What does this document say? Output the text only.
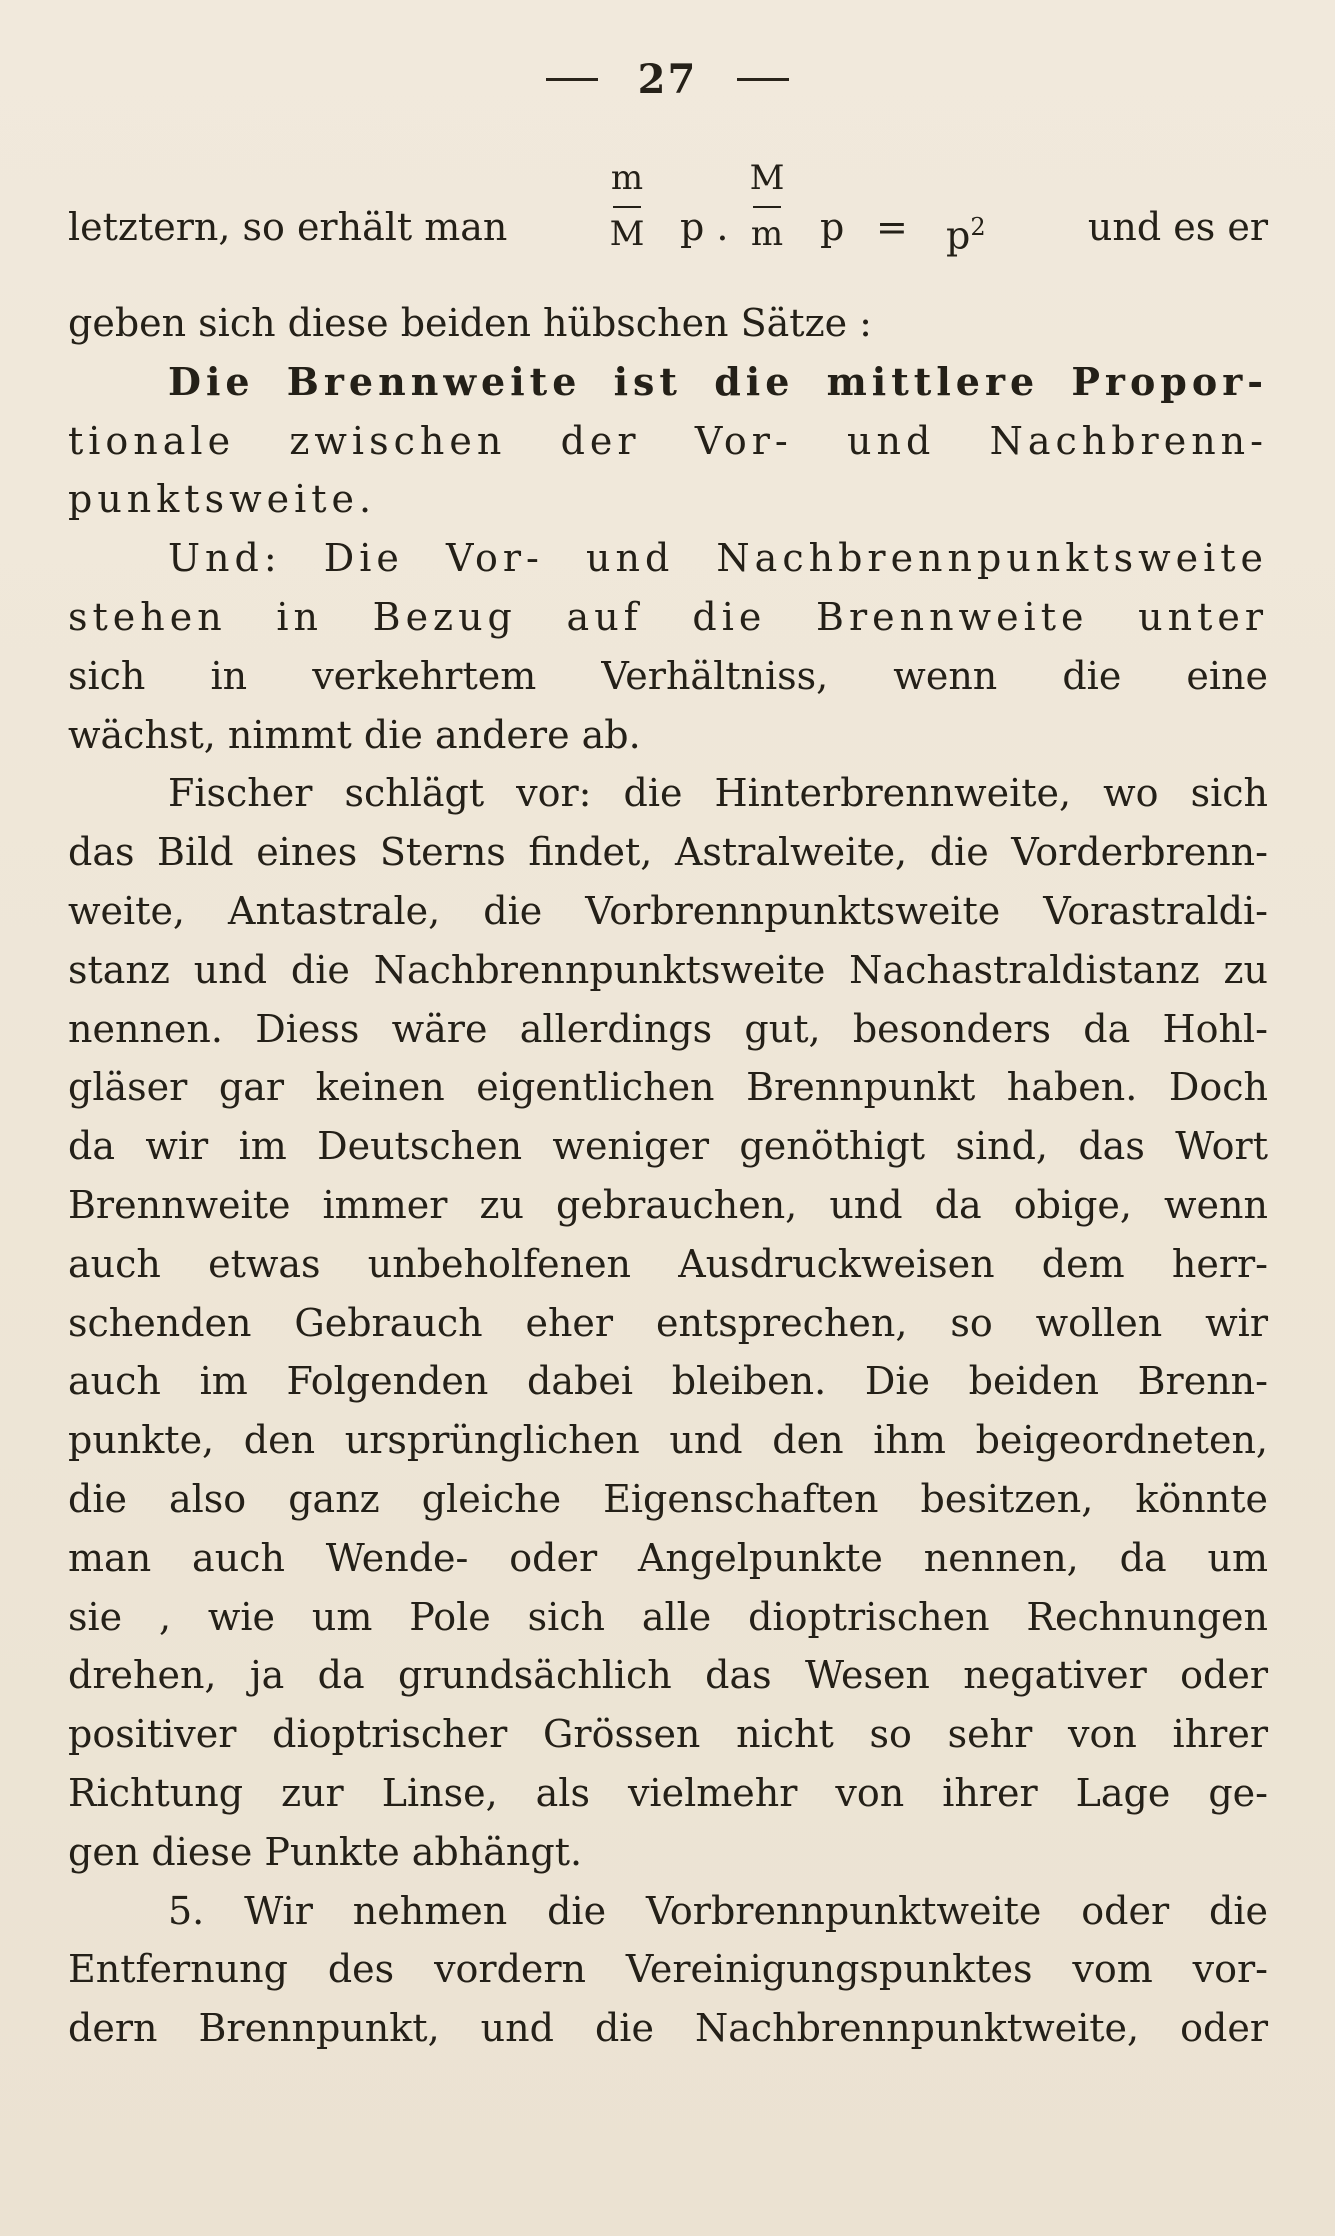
27
letztern, so erhält man
m
M p .
M
m $p = p^2$	und es er
geben sich diese beiden hübschen Sätze :
Die Brennweite ist die mittlere Propor-
tionale zwischen der Vor- und Nachbrenn-
punktsweite.
Und: Die Vor- und Nachbrennpunktsweite
stehen in Bezug auf die Brennweite unter
sich in verkehrtem Verhältniss, wenn die eine
wächst, nimmt die andere ab.
Fischer schlägt vor: die Hinterbrennweite, wo sich
das Bild eines Sterns findet, Astralweite, die Vorderbrenn-
weite, Antastrale, die Vorbrennpunktsweite Vorastraldi-
stanz und die Nachbrennpunktsweite Nachastraldistanz zu
nennen. Diess wäre allerdings gut, besonders da Hohl-
gläser gar keinen eigentlichen Brennpunkt haben. Doch
da wir im Deutschen weniger genöthigt sind, das Wort
Brennweite immer zu gebrauchen, und da obige, wenn
auch etwas unbeholfenen Ausdruckweisen dem herr-
schenden Gebrauch eher entsprechen, so wollen wir
auch im Folgenden dabei bleiben. Die beiden Brenn-
punkte, den ursprünglichen und den ihm beigeordneten,
die also ganz gleiche Eigenschaften besitzen, könnte
man auch Wende- oder Angelpunkte nennen, da um
sie , wie um Pole sich alle dioptrischen Rechnungen
drehen, ja da grundsächlich das Wesen negativer oder
positiver dioptrischer Grössen nicht so sehr von ihrer
Richtung zur Linse, als vielmehr von ihrer Lage ge-
gen diese Punkte abhängt.
5. Wir nehmen die Vorbrennpunktweite oder die
Entfernung des vordern Vereinigungspunktes vom vor-
dern Brennpunkt, und die Nachbrennpunktweite, oder
